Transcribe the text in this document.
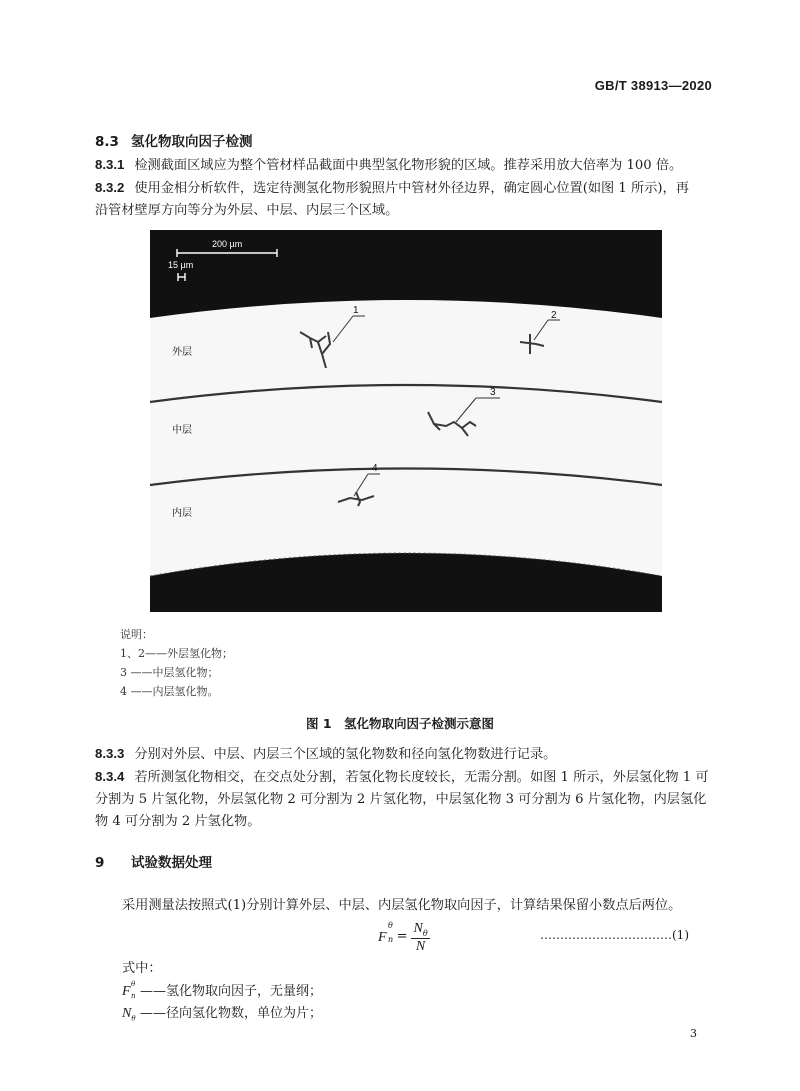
GB/T 38913—2020
8.3 氢化物取向因子检测
8.3.1 检测截面区域应为整个管材样品截面中典型氢化物形貌的区域。推荐采用放大倍率为 100 倍。
8.3.2 使用金相分析软件，选定待测氢化物形貌照片中管材外径边界，确定圆心位置(如图 1 所示)，再
沿管材壁厚方向等分为外层、中层、内层三个区域。
200 µm
15 µm
外层
中层
内层
1	2
3
4
说明：
1、2——外层氢化物；
3 ——中层氢化物；
4 ——内层氢化物。
图 1　氢化物取向因子检测示意图
8.3.3 分别对外层、中层、内层三个区域的氢化物数和径向氢化物数进行记录。
8.3.4 若所测氢化物相交，在交点处分割，若氢化物长度较长，无需分割。如图 1 所示，外层氢化物 1 可
分割为 5 片氢化物，外层氢化物 2 可分割为 2 片氢化物，中层氢化物 3 可分割为 6 片氢化物，内层氢化
物 4 可分割为 2 片氢化物。
9 试验数据处理
采用测量法按照式(1)分别计算外层、中层、内层氢化物取向因子，计算结果保留小数点后两位。
F
θ
$n = \frac{N_\theta}{N}$	……………………………(1)
式中：
F θ
n ——氢化物取向因子，无量纲；
$N_\theta$ ——径向氢化物数，单位为片；
3
